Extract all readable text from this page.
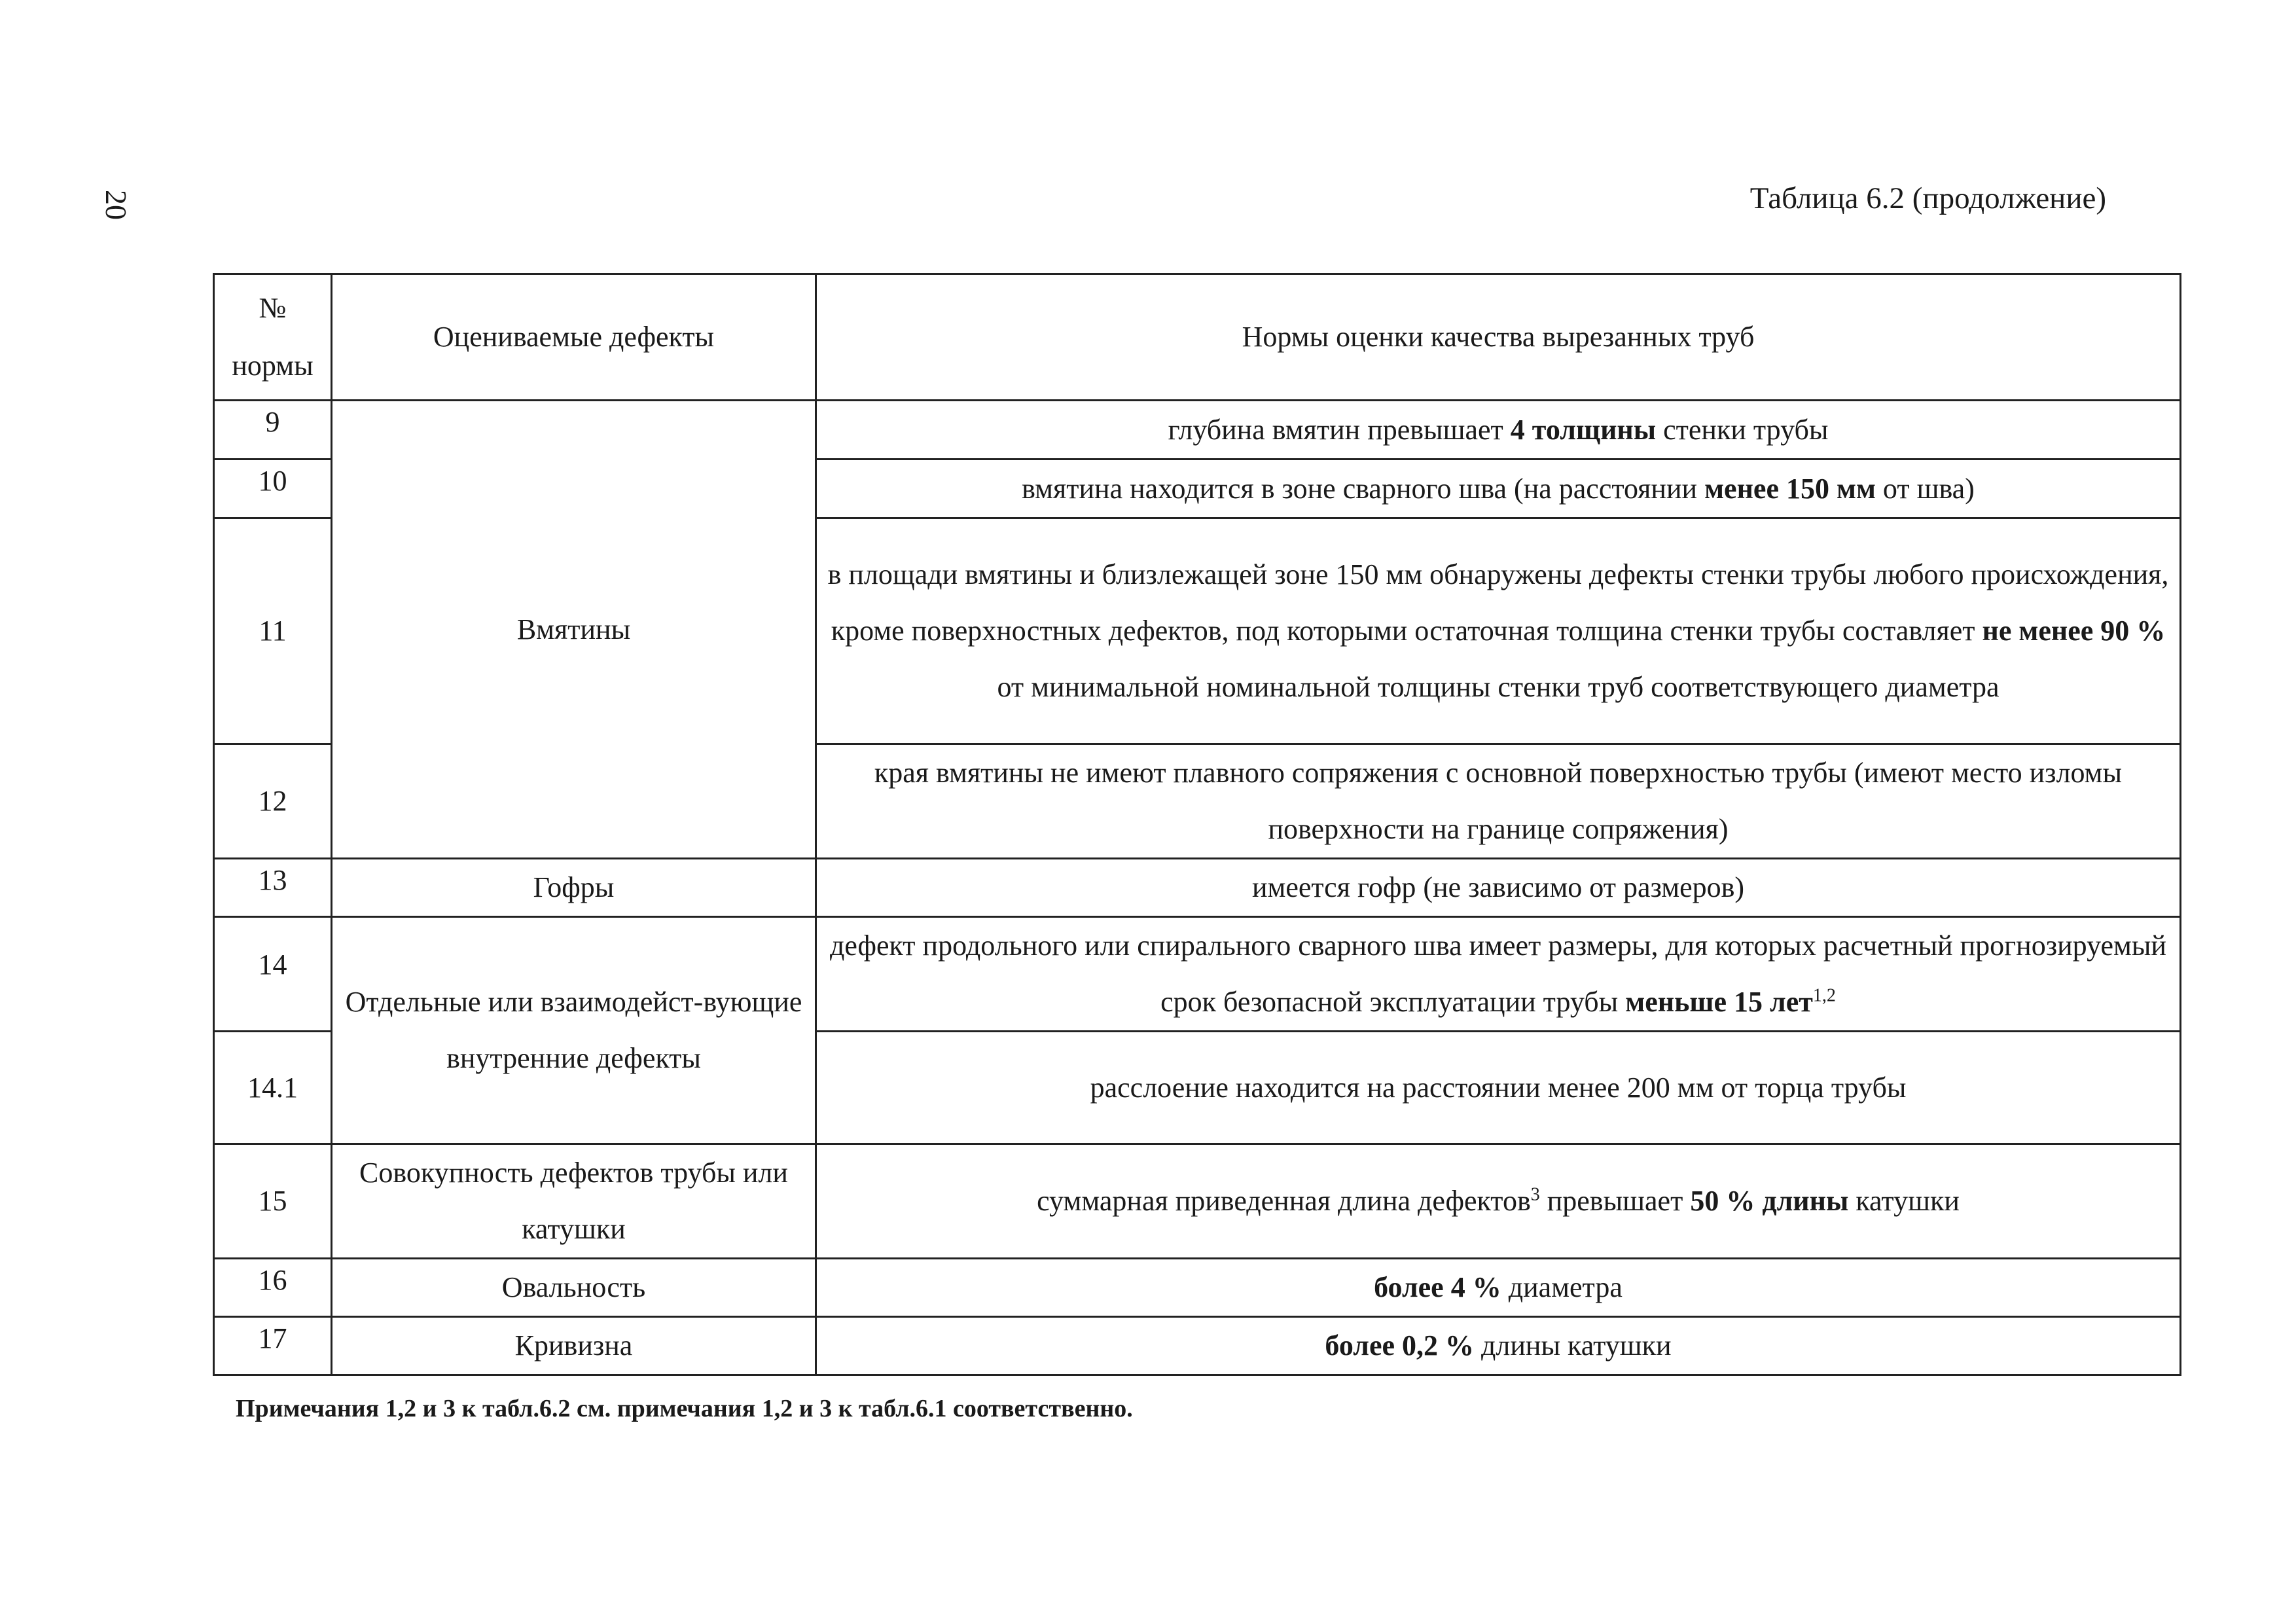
20	Таблица 6.2 (продолжение)
№ нормы	Оцениваемые дефекты	Нормы оценки качества вырезанных труб
9	Вмятины	глубина вмятин превышает 4 толщины стенки трубы
10		вмятина находится в зоне сварного шва (на расстоянии менее 150 мм от шва)
11		в площади вмятины и близлежащей зоне 150 мм обнаружены дефекты стенки трубы любого происхождения, кроме поверхностных дефектов, под которыми остаточная толщина стенки трубы составляет не менее 90 % от минимальной номинальной толщины стенки труб соответствующего диаметра
12		края вмятины не имеют плавного сопряжения с основной поверхностью трубы (имеют место изломы поверхности на границе сопряжения)
13	Гофры	имеется гофр (не зависимо от размеров)
14	Отдельные или взаимодейст-вующие внутренние дефекты	дефект продольного или спирального сварного шва имеет размеры, для которых расчетный прогнозируемый срок безопасной эксплуатации трубы меньше 15 лет$^{1,2}$
14.1		расслоение находится на расстоянии менее 200 мм от торца трубы
15	Совокупность дефектов трубы или катушки	суммарная приведенная длина дефектов$^3$ превышает 50 % длины катушки
16	Овальность	более 4 % диаметра
17	Кривизна	более 0,2 % длины катушки
Примечания 1,2 и 3 к табл.6.2 см. примечания 1,2 и 3 к табл.6.1 соответственно.
